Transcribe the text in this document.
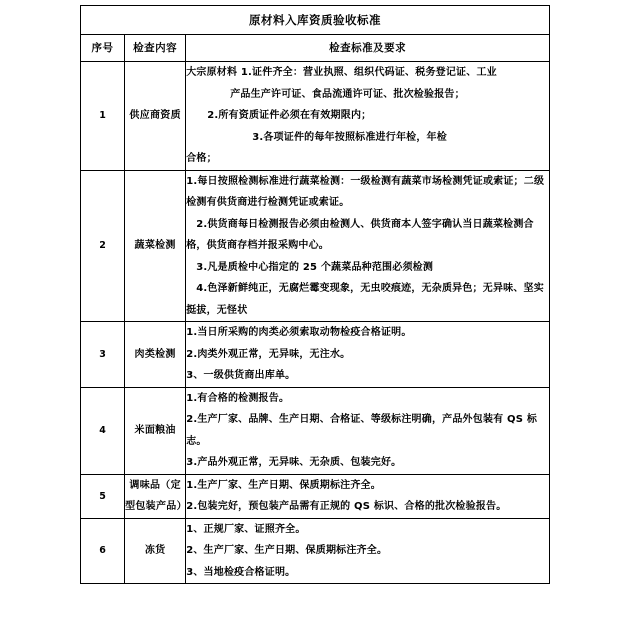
原材料入库资质验收标准		
序号	检查内容	检查标准及要求
1	供应商资质	大宗原材料 1.证件齐全：营业执照、组织代码证、税务登记证、工业
产品生产许可证、食品流通许可证、批次检验报告；
2.所有资质证件必须在有效期限内；
3.各项证件的每年按照标准进行年检，年检
合格；

2	蔬菜检测	1.每日按照检测标准进行蔬菜检测：一级检测有蔬菜市场检测凭证或索证；二级检测有供货商进行检测凭证或索证。
2.供货商每日检测报告必须由检测人、供货商本人签字确认当日蔬菜检测合格，供货商存档并报采购中心。
3.凡是质检中心指定的 25 个蔬菜品种范围必须检测
4.色泽新鲜纯正，无腐烂霉变现象，无虫咬痕迹，无杂质异色；无异味、坚实挺拔，无怪状

3	肉类检测	1.当日所采购的肉类必须索取动物检疫合格证明。
2.肉类外观正常，无异味，无注水。
3、一级供货商出库单。

4	米面粮油	1.有合格的检测报告。
2.生产厂家、品牌、生产日期、合格证、等级标注明确，产品外包装有 QS 标志。
3.产品外观正常，无异味、无杂质、包装完好。

5	调味品（定型包装产品）	1.生产厂家、生产日期、保质期标注齐全。
2.包装完好，预包装产品需有正规的 QS 标识、合格的批次检验报告。

6	冻货	1、正规厂家、证照齐全。
2、生产厂家、生产日期、保质期标注齐全。
3、当地检疫合格证明。
